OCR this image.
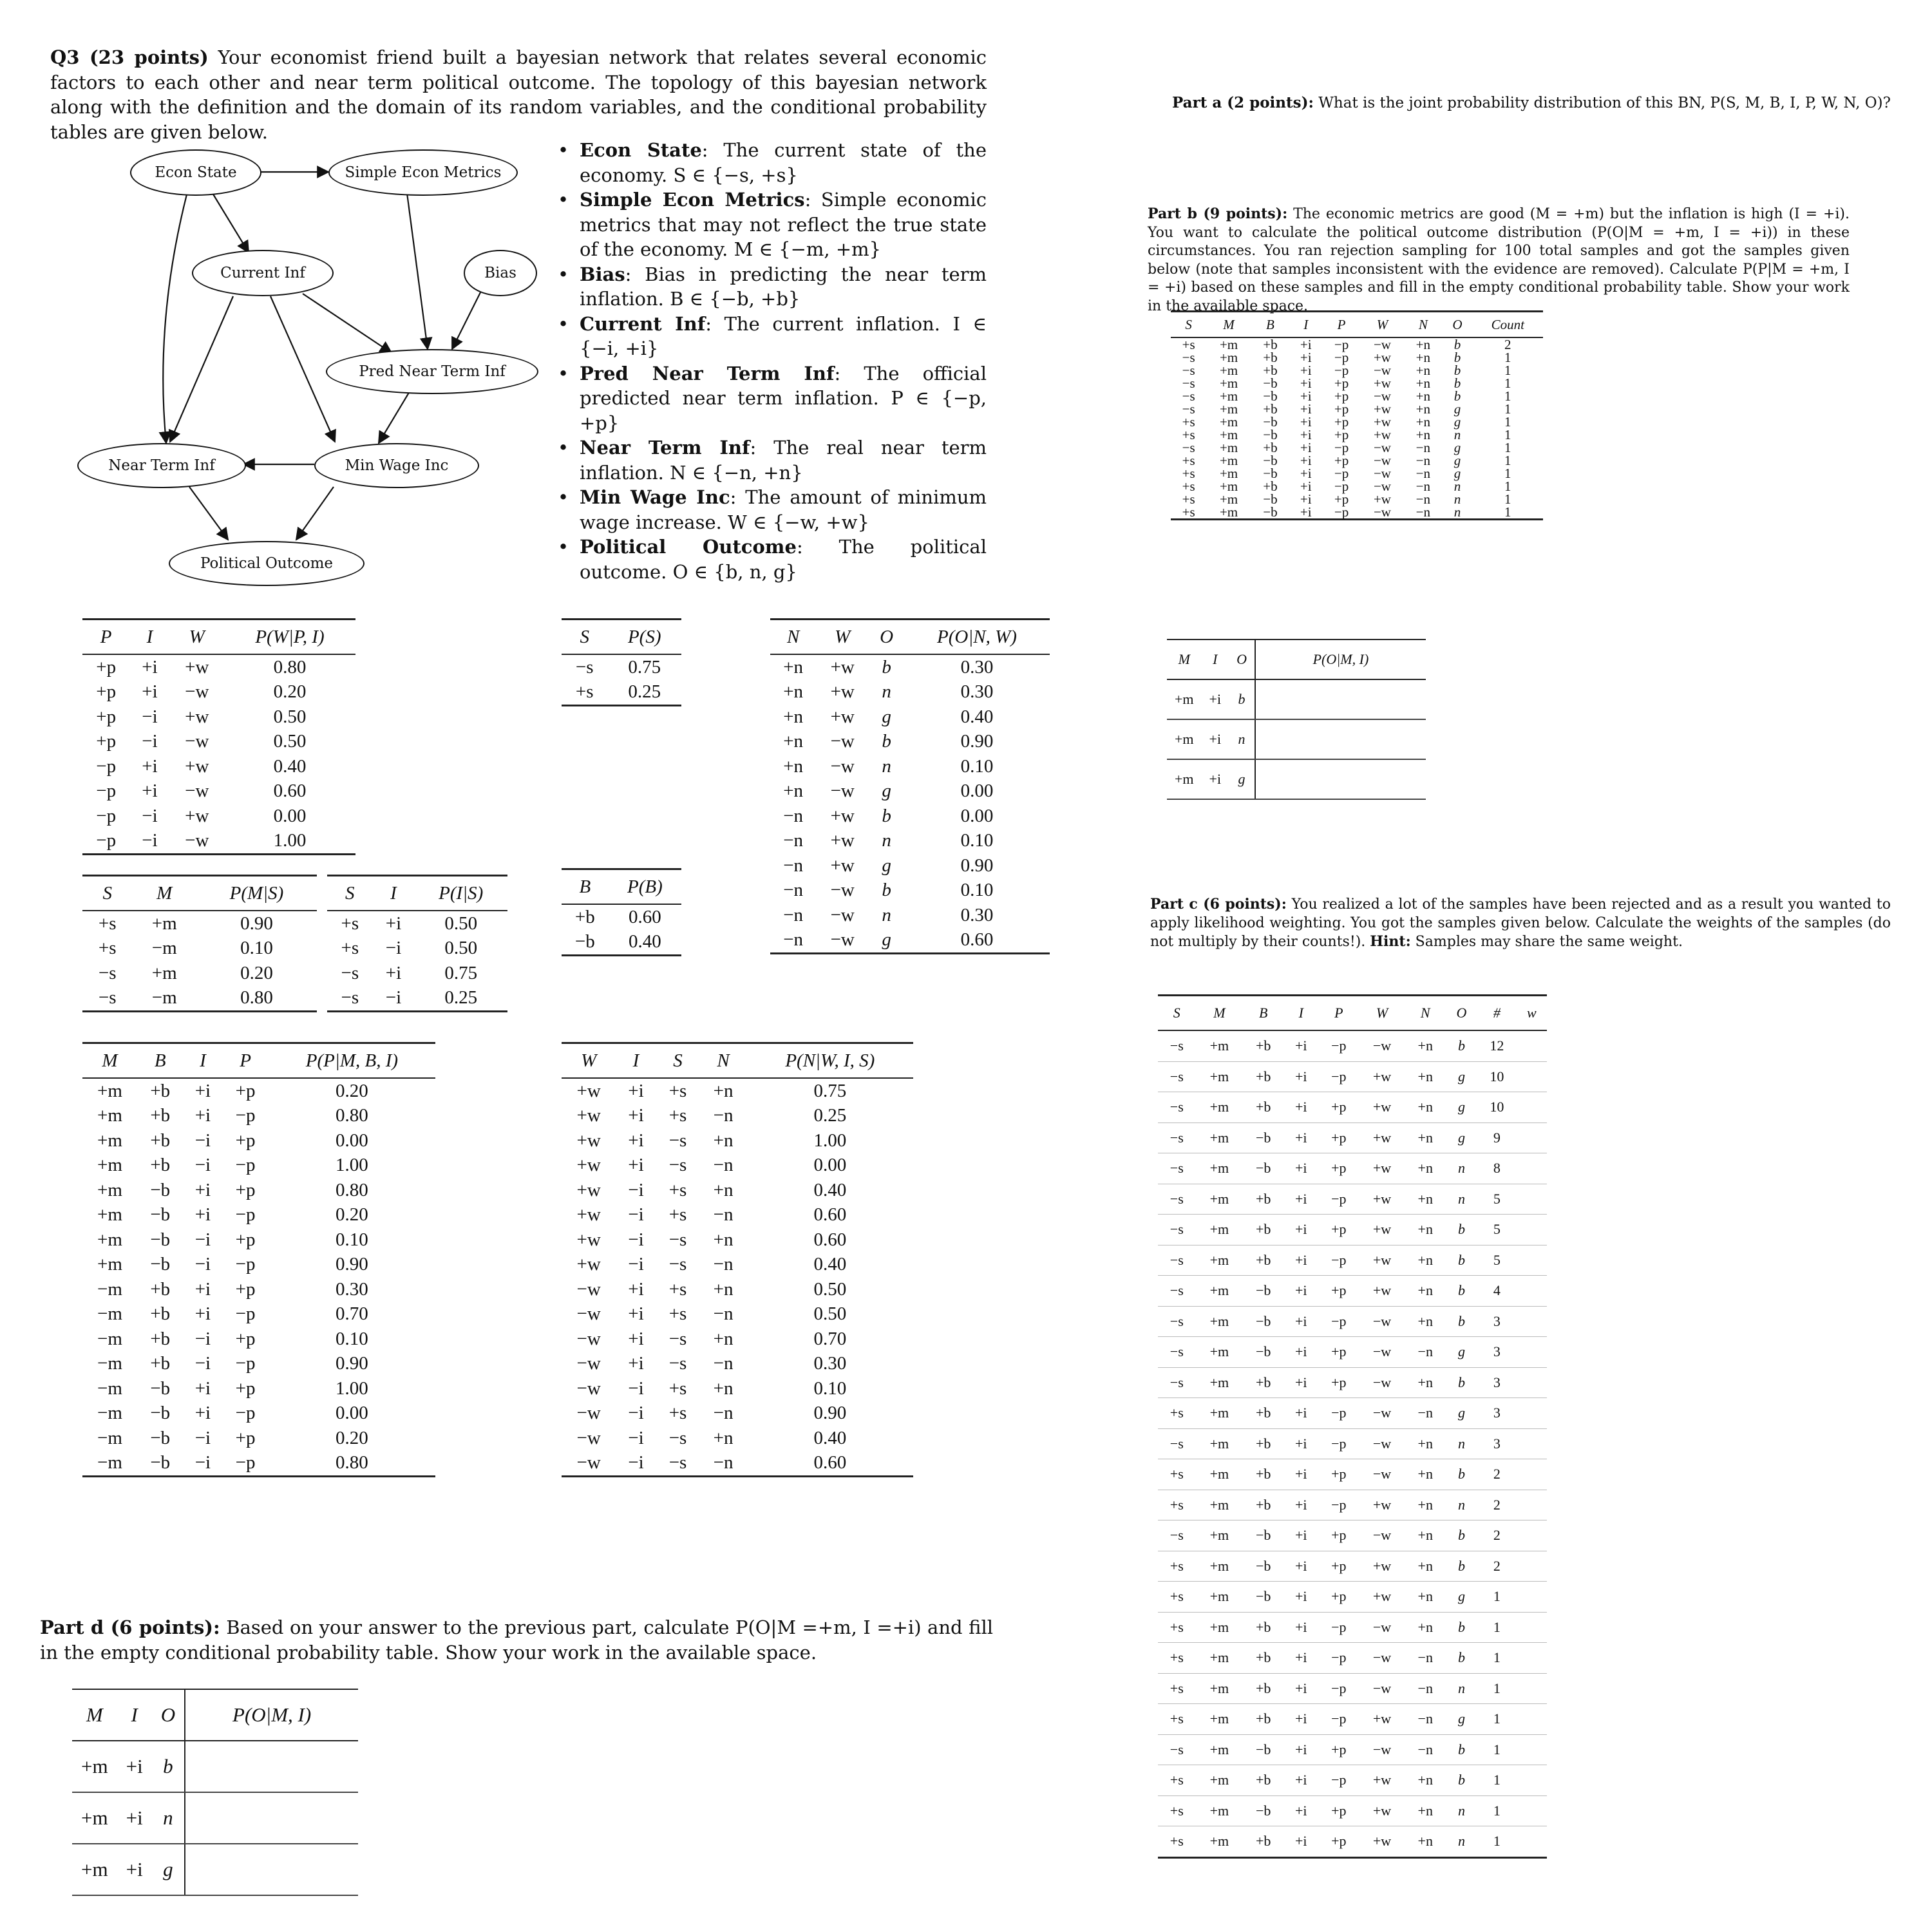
Q3 (23 points) Your economist friend built a bayesian network that relates several economic factors to each other and near term political outcome. The topology of this bayesian network along with the definition and the domain of its random variables, and the conditional probability tables are given below.
Econ State	Simple Econ Metrics
Current Inf	Bias
Pred Near Term Inf
Near Term Inf	Min Wage Inc
Political Outcome
• Econ State: The current state of the economy. S ∈ {−s, +s}
• Simple Econ Metrics: Simple economic metrics that may not reflect the true state of the economy. M ∈ {−m, +m}
• Bias: Bias in predicting the near term inflation. B ∈ {−b, +b}
• Current Inf: The current inflation. I ∈ {−i, +i}
• Pred Near Term Inf: The official predicted near term inflation. P ∈ {−p, +p}
• Near Term Inf: The real near term inflation. N ∈ {−n, +n}
• Min Wage Inc: The amount of minimum wage increase. W ∈ {−w, +w}
• Political Outcome: The political outcome. O ∈ {b, n, g}
P	I	W	P(W|P, I)
+p	+i	+w	0.80
+p	+i	−w	0.20
+p	−i	+w	0.50
+p	−i	−w	0.50
−p	+i	+w	0.40
−p	+i	−w	0.60
−p	−i	+w	0.00
−p	−i	−w	1.00
S	P(S)
−s	0.75
+s	0.25
N	W	O	P(O|N, W)
+n	+w	b	0.30
+n	+w	n	0.30
+n	+w	g	0.40
+n	−w	b	0.90
+n	−w	n	0.10
+n	−w	g	0.00
−n	+w	b	0.00
−n	+w	n	0.10
−n	+w	g	0.90
−n	−w	b	0.10
−n	−w	n	0.30
−n	−w	g	0.60
S	M	P(M|S)
+s	+m	0.90
+s	−m	0.10
−s	+m	0.20
−s	−m	0.80
S	I	P(I|S)
+s	+i	0.50
+s	−i	0.50
−s	+i	0.75
−s	−i	0.25
B	P(B)
+b	0.60
−b	0.40
M	B	I	P	P(P|M, B, I)
+m	+b	+i	+p	0.20
+m	+b	+i	−p	0.80
+m	+b	−i	+p	0.00
+m	+b	−i	−p	1.00
+m	−b	+i	+p	0.80
+m	−b	+i	−p	0.20
+m	−b	−i	+p	0.10
+m	−b	−i	−p	0.90
−m	+b	+i	+p	0.30
−m	+b	+i	−p	0.70
−m	+b	−i	+p	0.10
−m	+b	−i	−p	0.90
−m	−b	+i	+p	1.00
−m	−b	+i	−p	0.00
−m	−b	−i	+p	0.20
−m	−b	−i	−p	0.80
W	I	S	N	P(N|W, I, S)
+w	+i	+s	+n	0.75
+w	+i	+s	−n	0.25
+w	+i	−s	+n	1.00
+w	+i	−s	−n	0.00
+w	−i	+s	+n	0.40
+w	−i	+s	−n	0.60
+w	−i	−s	+n	0.60
+w	−i	−s	−n	0.40
−w	+i	+s	+n	0.50
−w	+i	+s	−n	0.50
−w	+i	−s	+n	0.70
−w	+i	−s	−n	0.30
−w	−i	+s	+n	0.10
−w	−i	+s	−n	0.90
−w	−i	−s	+n	0.40
−w	−i	−s	−n	0.60
Part d (6 points): Based on your answer to the previous part, calculate P(O|M =+m, I =+i) and fill in the empty conditional probability table. Show your work in the available space.
M	I	O	P(O|M, I)
+m	+i	b	
+m	+i	n	
+m	+i	g	
Part a (2 points): What is the joint probability distribution of this BN, P(S, M, B, I, P, W, N, O)?
Part b (9 points): The economic metrics are good (M = +m) but the inflation is high (I = +i). You want to calculate the political outcome distribution (P(O|M = +m, I = +i)) in these circumstances. You ran rejection sampling for 100 total samples and got the samples given below (note that samples inconsistent with the evidence are removed). Calculate P(P|M = +m, I = +i) based on these samples and fill in the empty conditional probability table. Show your work in the available space.
S	M	B	I	P	W	N	O	Count
+s	+m	+b	+i	−p	−w	+n	b	2
−s	+m	+b	+i	−p	+w	+n	b	1
−s	+m	+b	+i	−p	−w	+n	b	1
−s	+m	−b	+i	+p	+w	+n	b	1
−s	+m	−b	+i	+p	−w	+n	b	1
−s	+m	+b	+i	+p	+w	+n	g	1
+s	+m	−b	+i	+p	+w	+n	g	1
+s	+m	−b	+i	+p	+w	+n	n	1
−s	+m	+b	+i	−p	−w	−n	g	1
+s	+m	−b	+i	+p	−w	−n	g	1
+s	+m	−b	+i	−p	−w	−n	g	1
+s	+m	+b	+i	−p	−w	−n	n	1
+s	+m	−b	+i	+p	+w	−n	n	1
+s	+m	−b	+i	−p	−w	−n	n	1
M	I	O	P(O|M, I)
+m	+i	b	
+m	+i	n	
+m	+i	g	
Part c (6 points): You realized a lot of the samples have been rejected and as a result you wanted to apply likelihood weighting. You got the samples given below. Calculate the weights of the samples (do not multiply by their counts!). Hint: Samples may share the same weight.
S	M	B	I	P	W	N	O	#	w
−s	+m	+b	+i	−p	−w	+n	b	12	
−s	+m	+b	+i	−p	+w	+n	g	10	
−s	+m	+b	+i	+p	+w	+n	g	10	
−s	+m	−b	+i	+p	+w	+n	g	9	
−s	+m	−b	+i	+p	+w	+n	n	8	
−s	+m	+b	+i	−p	+w	+n	n	5	
−s	+m	+b	+i	+p	+w	+n	b	5	
−s	+m	+b	+i	−p	+w	+n	b	5	
−s	+m	−b	+i	+p	+w	+n	b	4	
−s	+m	−b	+i	−p	−w	+n	b	3	
−s	+m	−b	+i	+p	−w	−n	g	3	
−s	+m	+b	+i	+p	−w	+n	b	3	
+s	+m	+b	+i	−p	−w	−n	g	3	
−s	+m	+b	+i	−p	−w	+n	n	3	
+s	+m	+b	+i	+p	−w	+n	b	2	
+s	+m	+b	+i	−p	+w	+n	n	2	
−s	+m	−b	+i	+p	−w	+n	b	2	
+s	+m	−b	+i	+p	+w	+n	b	2	
+s	+m	−b	+i	+p	+w	+n	g	1	
+s	+m	+b	+i	−p	−w	+n	b	1	
+s	+m	+b	+i	−p	−w	−n	b	1	
+s	+m	+b	+i	−p	−w	−n	n	1	
+s	+m	+b	+i	−p	+w	−n	g	1	
−s	+m	−b	+i	+p	−w	−n	b	1	
+s	+m	+b	+i	−p	+w	+n	b	1	
+s	+m	−b	+i	+p	+w	+n	n	1	
+s	+m	+b	+i	+p	+w	+n	n	1	
